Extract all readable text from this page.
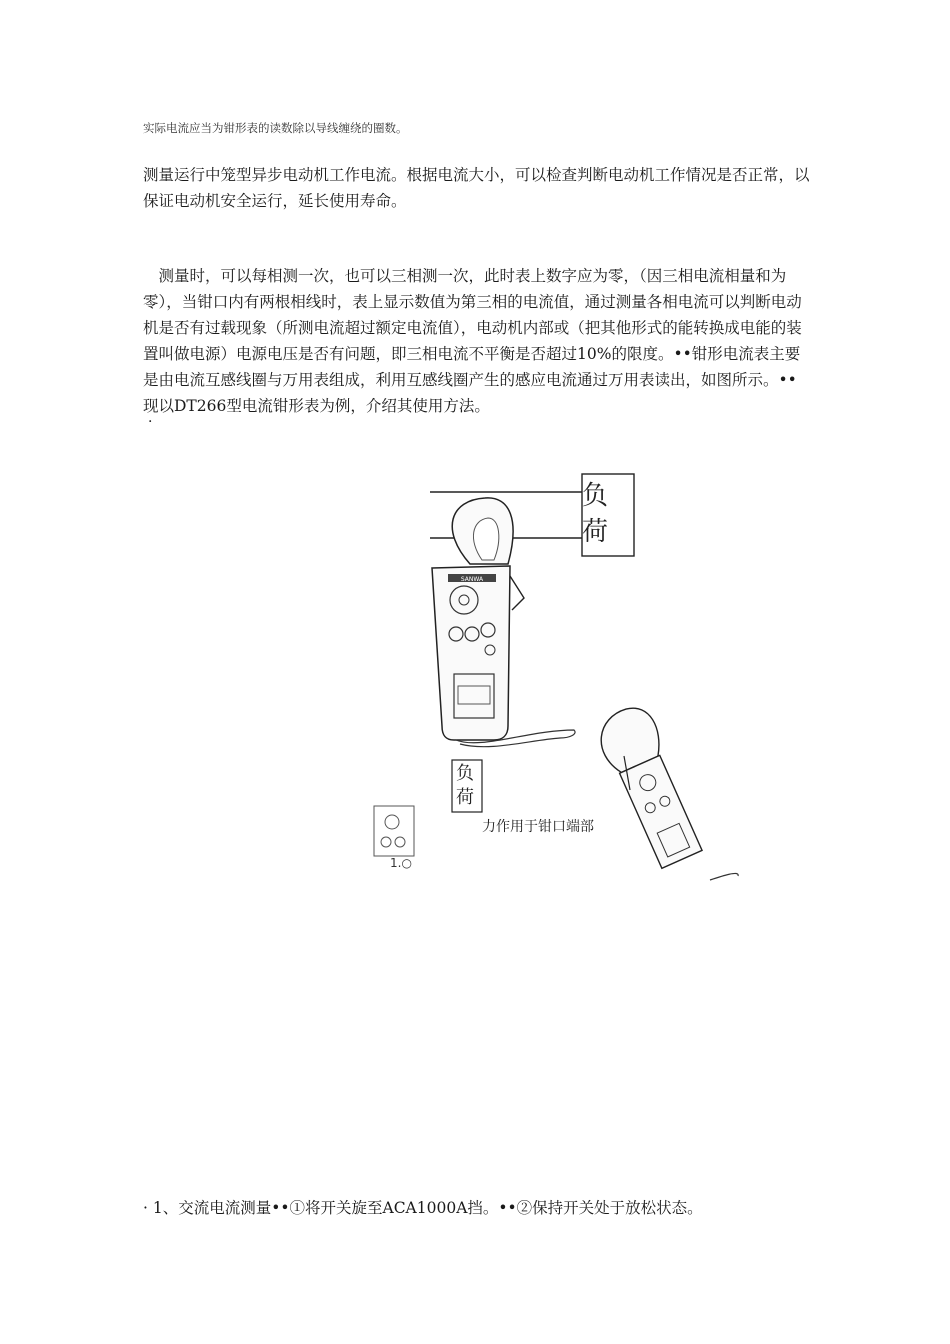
实际电流应当为钳形表的读数除以导线缠绕的圈数。

测量运行中笼型异步电动机工作电流。根据电流大小，可以检查判断电动机工作情况是否正常，以保证电动机安全运行，延长使用寿命。

　测量时，可以每相测一次，也可以三相测一次，此时表上数字应为零，（因三相电流相量和为零），当钳口内有两根相线时，表上显示数值为第三相的电流值，通过测量各相电流可以判断电动机是否有过载现象（所测电流超过额定电流值），电动机内部或（把其他形式的能转换成电能的装置叫做电源）电源电压是否有问题，即三相电流不平衡是否超过10%的限度。••钳形电流表主要是由电流互感线圈与万用表组成，利用互感线圈产生的感应电流通过万用表读出，如图所示。••现以DT266型电流钳形表为例，介绍其使用方法。

·
SANWA
负
荷
负
荷
力作用于钳口端部
1.○

· 1、交流电流测量••①将开关旋至ACA1000A挡。••②保持开关处于放松状态。
